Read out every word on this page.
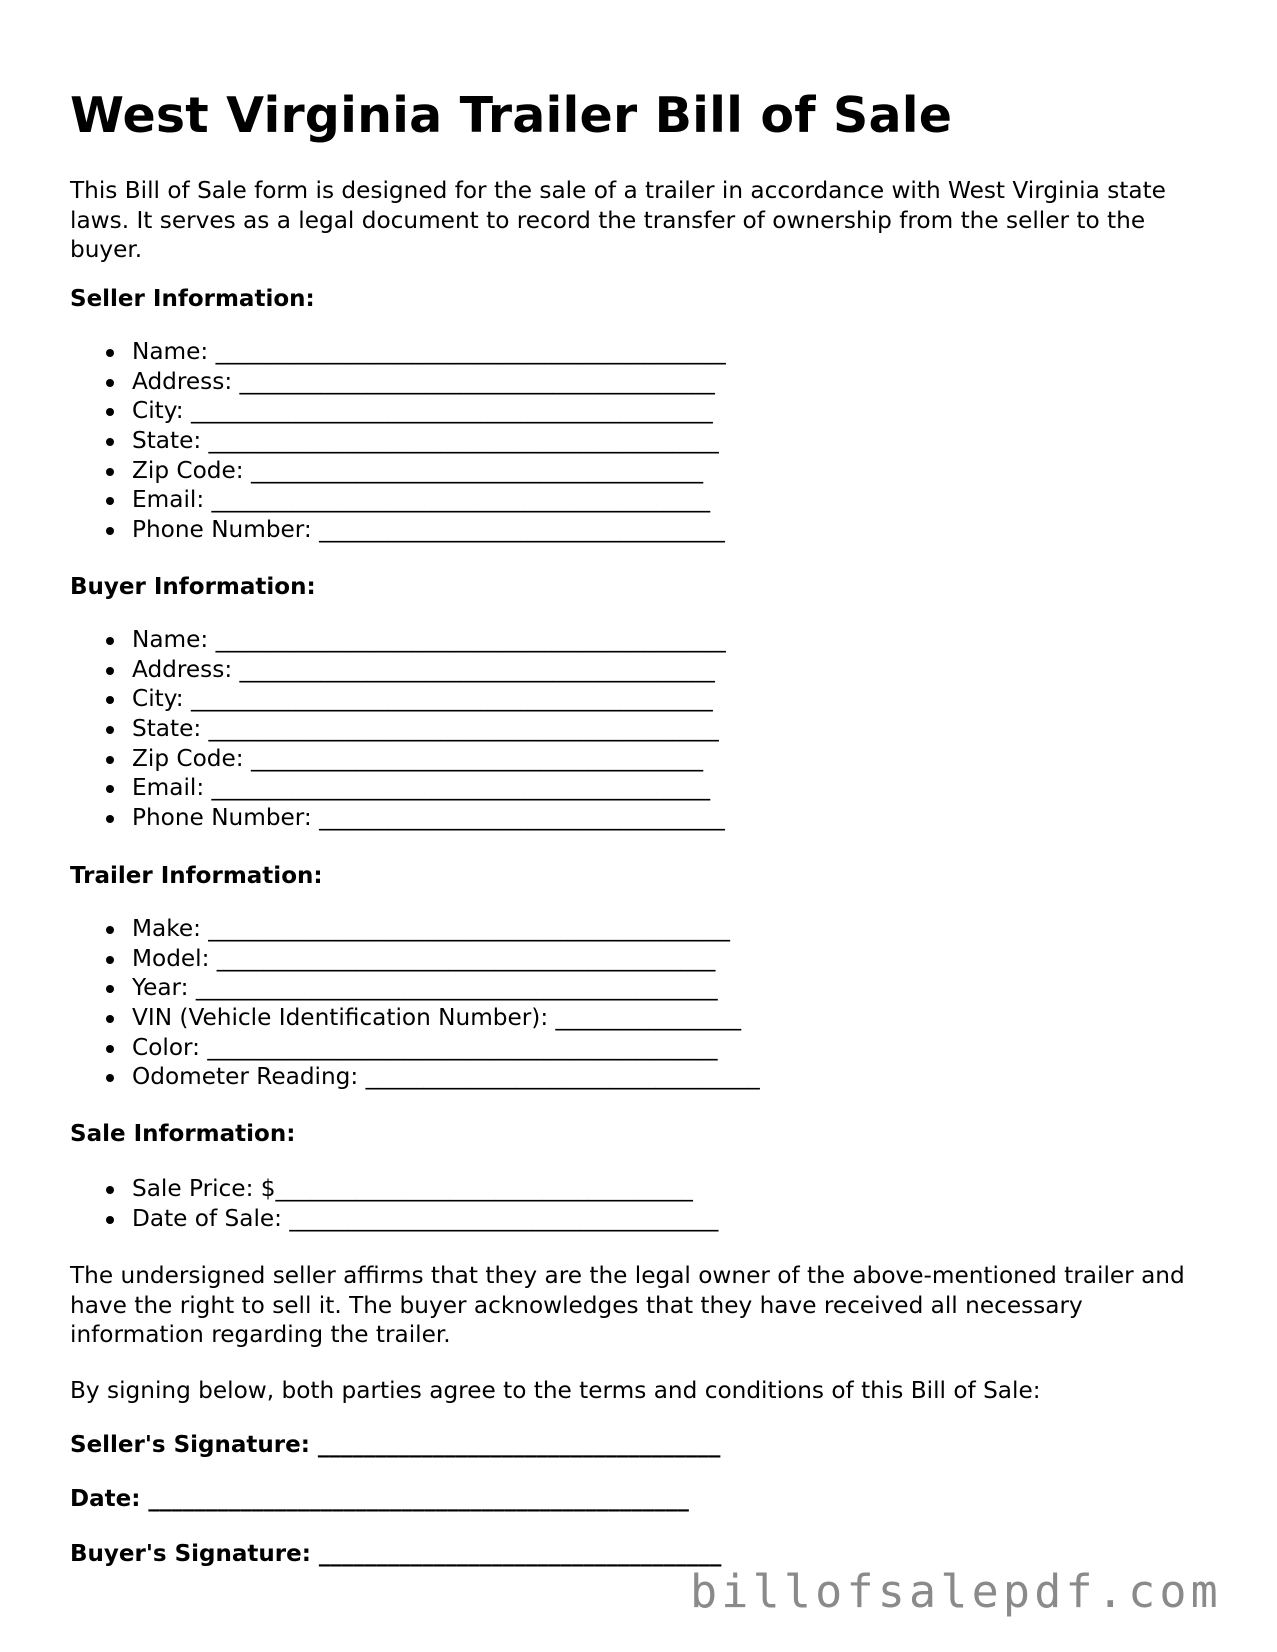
West Virginia Trailer Bill of Sale

This Bill of Sale form is designed for the sale of a trailer in accordance with West Virginia state laws. It serves as a legal document to record the transfer of ownership from the seller to the buyer.

Seller Information:

Name: ____________________________________________
Address: _________________________________________
City: _____________________________________________
State: ____________________________________________
Zip Code: _______________________________________
Email: ___________________________________________
Phone Number: ___________________________________

Buyer Information:

Name: ____________________________________________
Address: _________________________________________
City: _____________________________________________
State: ____________________________________________
Zip Code: _______________________________________
Email: ___________________________________________
Phone Number: ___________________________________

Trailer Information:

Make: _____________________________________________
Model: ___________________________________________
Year: _____________________________________________
VIN (Vehicle Identification Number): ________________
Color: ____________________________________________
Odometer Reading: __________________________________

Sale Information:

Sale Price: $____________________________________
Date of Sale: _____________________________________

The undersigned seller affirms that they are the legal owner of the above-mentioned trailer and have the right to sell it. The buyer acknowledges that they have received all necessary information regarding the trailer.

By signing below, both parties agree to the terms and conditions of this Bill of Sale:

Seller's Signature: ___________________________________

Date: _______________________________________________

Buyer's Signature: ___________________________________

billofsalepdf.com
